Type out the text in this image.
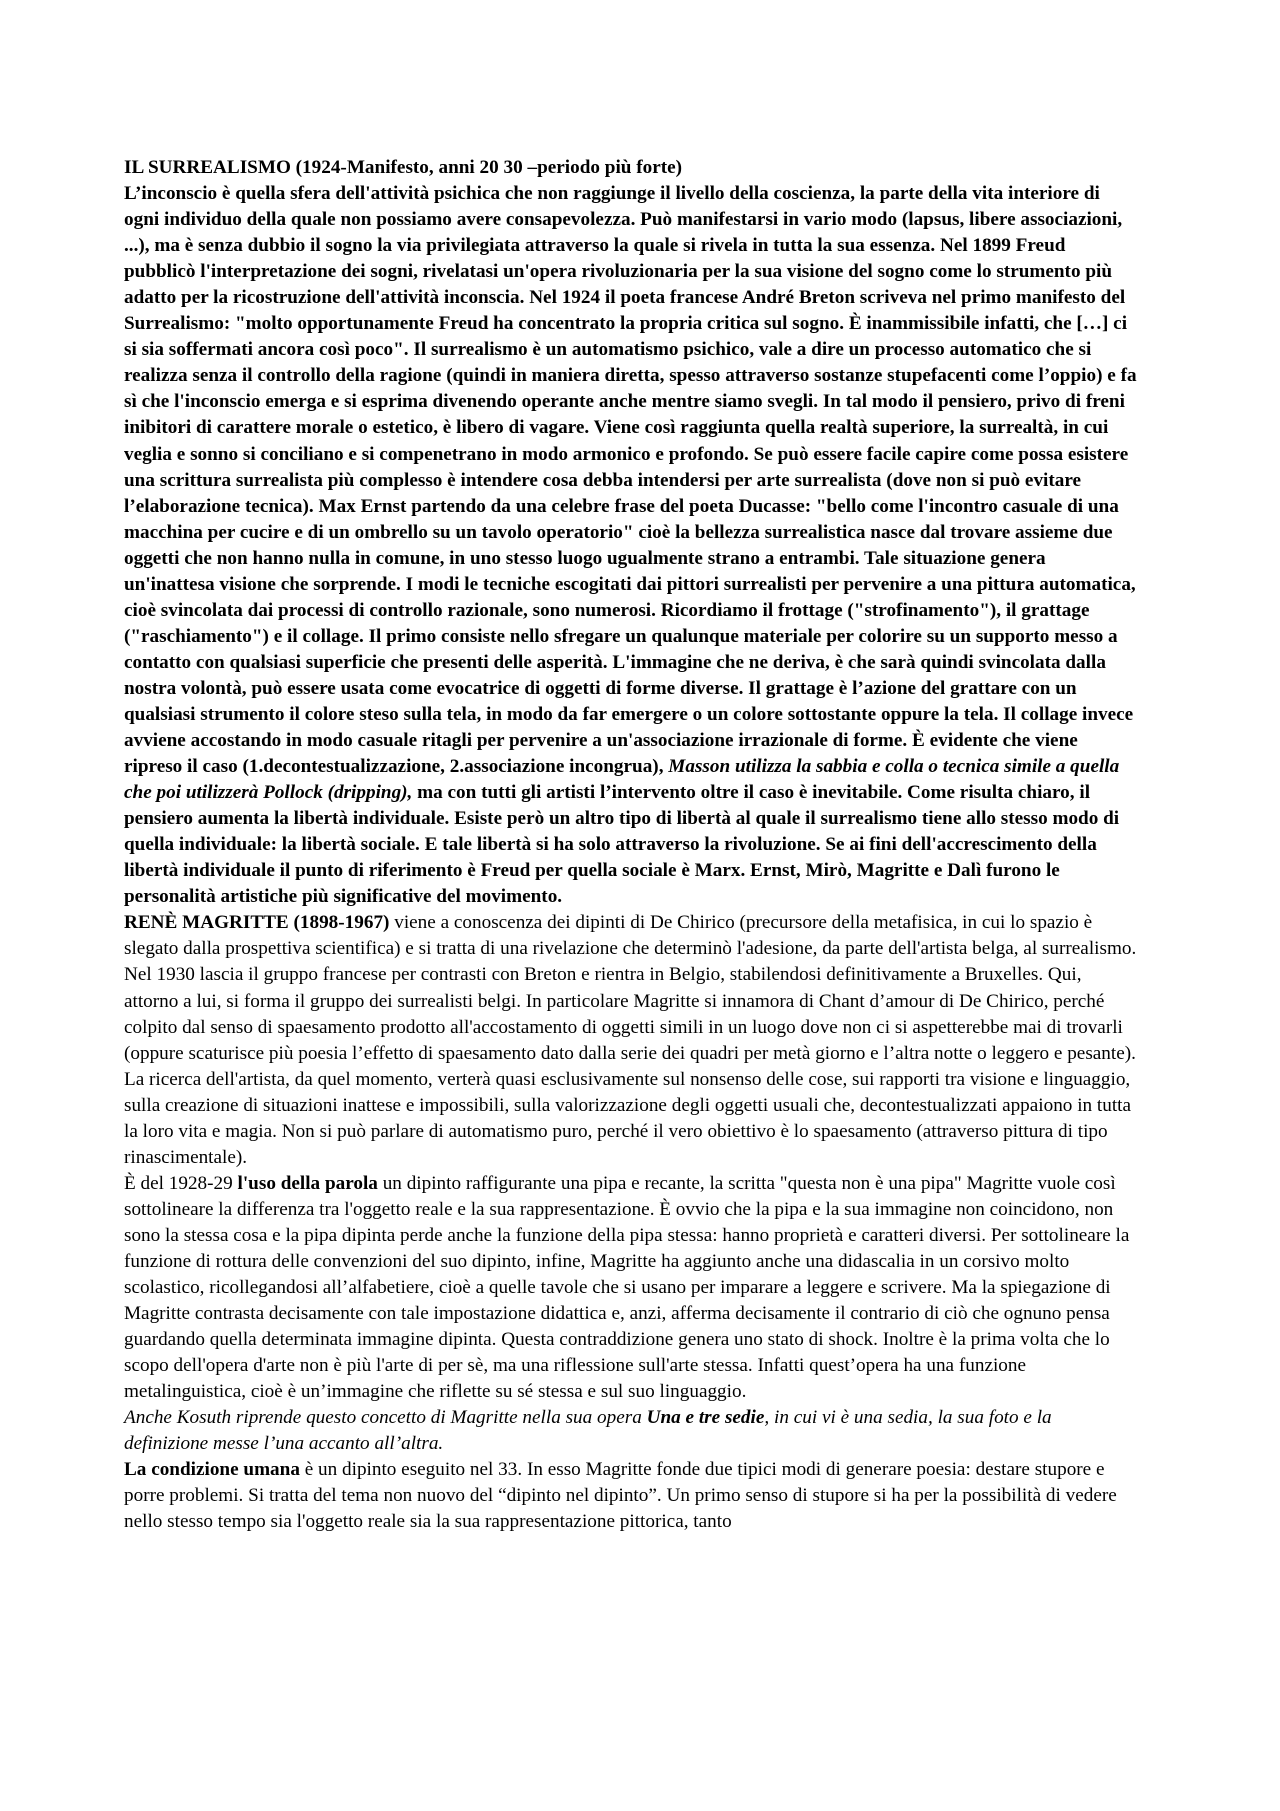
IL SURREALISMO (1924-Manifesto, anni 20 30 –periodo più forte)
L’inconscio è quella sfera dell'attività psichica che non raggiunge il livello della coscienza, la parte della vita interiore di ogni individuo della quale non possiamo avere consapevolezza. Può manifestarsi in vario modo (lapsus, libere associazioni, ...), ma è senza dubbio il sogno la via privilegiata attraverso la quale si rivela in tutta la sua essenza. Nel 1899 Freud pubblicò l'interpretazione dei sogni, rivelatasi un'opera rivoluzionaria per la sua visione del sogno come lo strumento più adatto per la ricostruzione dell'attività inconscia. Nel 1924 il poeta francese André Breton scriveva nel primo manifesto del Surrealismo: "molto opportunamente Freud ha concentrato la propria critica sul sogno. È inammissibile infatti, che […] ci si sia soffermati ancora così poco". Il surrealismo è un automatismo psichico, vale a dire un processo automatico che si realizza senza il controllo della ragione (quindi in maniera diretta, spesso attraverso sostanze stupefacenti come l’oppio) e fa sì che l'inconscio emerga e si esprima divenendo operante anche mentre siamo svegli. In tal modo il pensiero, privo di freni inibitori di carattere morale o estetico, è libero di vagare. Viene così raggiunta quella realtà superiore, la surrealtà, in cui veglia e sonno si conciliano e si compenetrano in modo armonico e profondo. Se può essere facile capire come possa esistere una scrittura surrealista più complesso è intendere cosa debba intendersi per arte surrealista (dove non si può evitare l’elaborazione tecnica). Max Ernst partendo da una celebre frase del poeta Ducasse: "bello come l'incontro casuale di una macchina per cucire e di un ombrello su un tavolo operatorio" cioè la bellezza surrealistica nasce dal trovare assieme due oggetti che non hanno nulla in comune, in uno stesso luogo ugualmente strano a entrambi. Tale situazione genera un'inattesa visione che sorprende. I modi le tecniche escogitati dai pittori surrealisti per pervenire a una pittura automatica, cioè svincolata dai processi di controllo razionale, sono numerosi. Ricordiamo il frottage ("strofinamento"), il grattage ("raschiamento") e il collage. Il primo consiste nello sfregare un qualunque materiale per colorire su un supporto messo a contatto con qualsiasi superficie che presenti delle asperità. L'immagine che ne deriva, è che sarà quindi svincolata dalla nostra volontà, può essere usata come evocatrice di oggetti di forme diverse. Il grattage è l’azione del grattare con un qualsiasi strumento il colore steso sulla tela, in modo da far emergere o un colore sottostante oppure la tela. Il collage invece avviene accostando in modo casuale ritagli per pervenire a un'associazione irrazionale di forme. È evidente che viene ripreso il caso (1.decontestualizzazione, 2.associazione incongrua), Masson utilizza la sabbia e colla o tecnica simile a quella che poi utilizzerà Pollock (dripping), ma con tutti gli artisti l’intervento oltre il caso è inevitabile. Come risulta chiaro, il pensiero aumenta la libertà individuale. Esiste però un altro tipo di libertà al quale il surrealismo tiene allo stesso modo di quella individuale: la libertà sociale. E tale libertà si ha solo attraverso la rivoluzione. Se ai fini dell'accrescimento della libertà individuale il punto di riferimento è Freud per quella sociale è Marx. Ernst, Mirò, Magritte e Dalì furono le personalità artistiche più significative del movimento.

RENÈ MAGRITTE (1898-1967) viene a conoscenza dei dipinti di De Chirico (precursore della metafisica, in cui lo spazio è slegato dalla prospettiva scientifica) e si tratta di una rivelazione che determinò l'adesione, da parte dell'artista belga, al surrealismo. Nel 1930 lascia il gruppo francese per contrasti con Breton e rientra in Belgio, stabilendosi definitivamente a Bruxelles. Qui, attorno a lui, si forma il gruppo dei surrealisti belgi. In particolare Magritte si innamora di Chant d’amour di De Chirico, perché colpito dal senso di spaesamento prodotto all'accostamento di oggetti simili in un luogo dove non ci si aspetterebbe mai di trovarli (oppure scaturisce più poesia l’effetto di spaesamento dato dalla serie dei quadri per metà giorno e l’altra notte o leggero e pesante). La ricerca dell'artista, da quel momento, verterà quasi esclusivamente sul nonsenso delle cose, sui rapporti tra visione e linguaggio, sulla creazione di situazioni inattese e impossibili, sulla valorizzazione degli oggetti usuali che, decontestualizzati appaiono in tutta la loro vita e magia. Non si può parlare di automatismo puro, perché il vero obiettivo è lo spaesamento (attraverso pittura di tipo rinascimentale).

È del 1928-29 l'uso della parola un dipinto raffigurante una pipa e recante, la scritta "questa non è una pipa" Magritte vuole così sottolineare la differenza tra l'oggetto reale e la sua rappresentazione. È ovvio che la pipa e la sua immagine non coincidono, non sono la stessa cosa e la pipa dipinta perde anche la funzione della pipa stessa: hanno proprietà e caratteri diversi. Per sottolineare la funzione di rottura delle convenzioni del suo dipinto, infine, Magritte ha aggiunto anche una didascalia in un corsivo molto scolastico, ricollegandosi all’alfabetiere, cioè a quelle tavole che si usano per imparare a leggere e scrivere. Ma la spiegazione di Magritte contrasta decisamente con tale impostazione didattica e, anzi, afferma decisamente il contrario di ciò che ognuno pensa guardando quella determinata immagine dipinta. Questa contraddizione genera uno stato di shock. Inoltre è la prima volta che lo scopo dell'opera d'arte non è più l'arte di per sè, ma una riflessione sull'arte stessa. Infatti quest’opera ha una funzione metalinguistica, cioè è un’immagine che riflette su sé stessa e sul suo linguaggio.

Anche Kosuth riprende questo concetto di Magritte nella sua opera Una e tre sedie, in cui vi è una sedia, la sua foto e la definizione messe l’una accanto all’altra.

La condizione umana è un dipinto eseguito nel 33. In esso Magritte fonde due tipici modi di generare poesia: destare stupore e porre problemi. Si tratta del tema non nuovo del “dipinto nel dipinto”. Un primo senso di stupore si ha per la possibilità di vedere nello stesso tempo sia l'oggetto reale sia la sua rappresentazione pittorica, tanto
